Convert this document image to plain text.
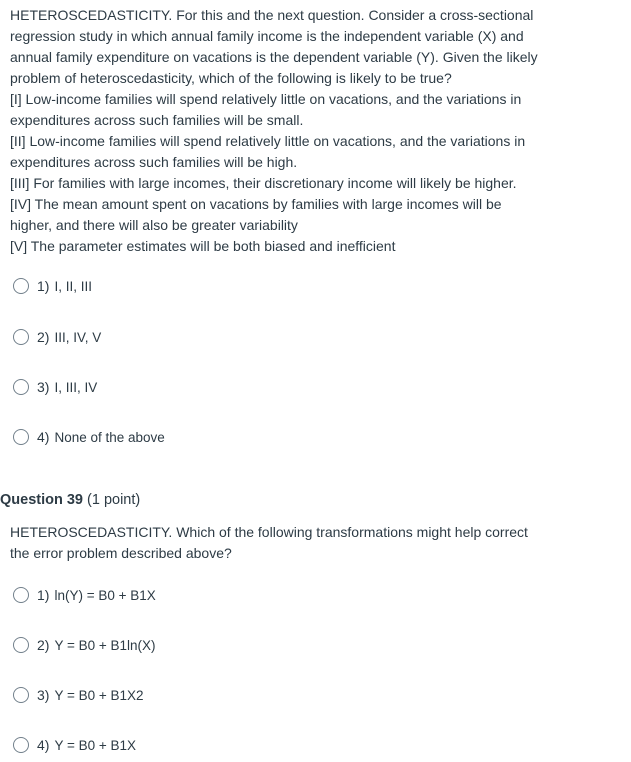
HETEROSCEDASTICITY. For this and the next question. Consider a cross-sectional

regression study in which annual family income is the independent variable (X) and

annual family expenditure on vacations is the dependent variable (Y). Given the likely

problem of heteroscedasticity, which of the following is likely to be true?

[I] Low-income families will spend relatively little on vacations, and the variations in

expenditures across such families will be small.

[II] Low-income families will spend relatively little on vacations, and the variations in

expenditures across such families will be high.

[III] For families with large incomes, their discretionary income will likely be higher.

[IV] The mean amount spent on vacations by families with large incomes will be

higher, and there will also be greater variability

[V] The parameter estimates will be both biased and inefficient

1) I, II, III
2) III, IV, V
3) I, III, IV
4) None of the above
Question 39 (1 point)

HETEROSCEDASTICITY. Which of the following transformations might help correct

the error problem described above?

1) ln(Y) = B0 + B1X
2) Y = B0 + B1ln(X)
3) Y = B0 + B1X2
4) Y = B0 + B1X
